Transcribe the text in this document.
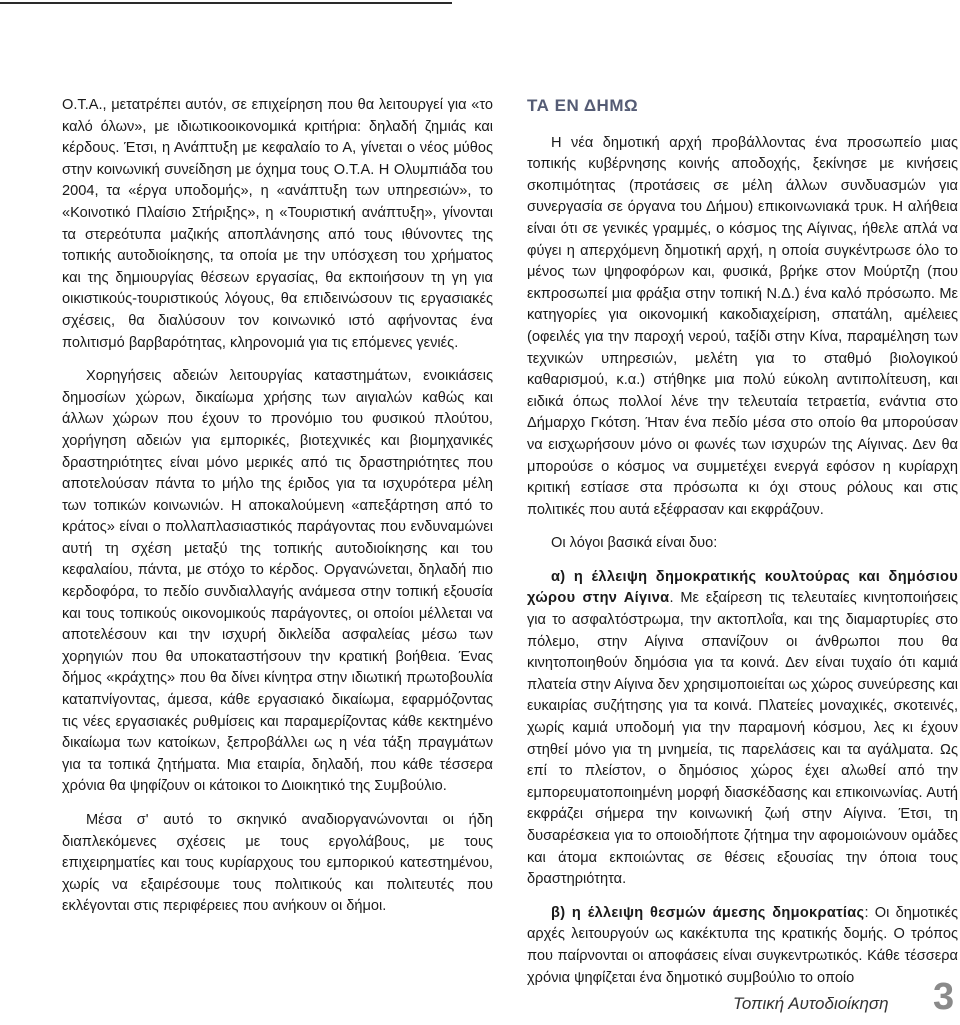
Ο.Τ.Α., μετατρέπει αυτόν, σε επιχείρηση που θα λειτουργεί για «το καλό όλων», με ιδιωτικοοικονομικά κριτήρια: δηλαδή ζημιάς και κέρδους. Έτσι, η Ανάπτυξη με κεφαλαίο το Α, γίνεται ο νέος μύθος στην κοινωνική συνείδηση με όχημα τους Ο.Τ.Α. Η Ολυμπιάδα του 2004, τα «έργα υποδομής», η «ανάπτυξη των υπηρεσιών», το «Κοινοτικό Πλαίσιο Στήριξης», η «Τουριστική ανάπτυξη», γίνονται τα στερεότυπα μαζικής αποπλάνησης από τους ιθύνοντες της τοπικής αυτοδιοίκησης, τα οποία με την υπόσχεση του χρήματος και της δημιουργίας θέσεων εργασίας, θα εκποιήσουν τη γη για οικιστικούς-τουριστικούς λόγους, θα επιδεινώσουν τις εργασιακές σχέσεις, θα διαλύσουν τον κοινωνικό ιστό αφήνοντας ένα πολιτισμό βαρβαρότητας, κληρονομιά για τις επόμενες γενιές.

Χορηγήσεις αδειών λειτουργίας καταστημάτων, ενοικιάσεις δημοσίων χώρων, δικαίωμα χρήσης των αιγιαλών καθώς και άλλων χώρων που έχουν το προνόμιο του φυσικού πλούτου, χορήγηση αδειών για εμπορικές, βιοτεχνικές και βιομηχανικές δραστηριότητες είναι μόνο μερικές από τις δραστηριότητες που αποτελούσαν πάντα το μήλο της έριδος για τα ισχυρότερα μέλη των τοπικών κοινωνιών. Η αποκαλούμενη «απεξάρτηση από το κράτος» είναι ο πολλαπλασιαστικός παράγοντας που ενδυναμώνει αυτή τη σχέση μεταξύ της τοπικής αυτοδιοίκησης και του κεφαλαίου, πάντα, με στόχο το κέρδος. Οργανώνεται, δηλαδή πιο κερδοφόρα, το πεδίο συνδιαλλαγής ανάμεσα στην τοπική εξουσία και τους τοπικούς οικονομικούς παράγοντες, οι οποίοι μέλλεται να αποτελέσουν και την ισχυρή δικλείδα ασφαλείας μέσω των χορηγιών που θα υποκαταστήσουν την κρατική βοήθεια. Ένας δήμος «κράχτης» που θα δίνει κίνητρα στην ιδιωτική πρωτοβουλία καταπνίγοντας, άμεσα, κάθε εργασιακό δικαίωμα, εφαρμόζοντας τις νέες εργασιακές ρυθμίσεις και παραμερίζοντας κάθε κεκτημένο δικαίωμα των κατοίκων, ξεπροβάλλει ως η νέα τάξη πραγμάτων για τα τοπικά ζητήματα. Μια εταιρία, δηλαδή, που κάθε τέσσερα χρόνια θα ψηφίζουν οι κάτοικοι το Διοικητικό της Συμβούλιο.

Μέσα σ' αυτό το σκηνικό αναδιοργανώνονται οι ήδη διαπλεκόμενες σχέσεις με τους εργολάβους, με τους επιχειρηματίες και τους κυρίαρχους του εμπορικού κατεστημένου, χωρίς να εξαιρέσουμε τους πολιτικούς και πολιτευτές που εκλέγονται στις περιφέρειες που ανήκουν οι δήμοι.

ΤΑ ΕΝ ΔΗΜΩ

Η νέα δημοτική αρχή προβάλλοντας ένα προσωπείο μιας τοπικής κυβέρνησης κοινής αποδοχής, ξεκίνησε με κινήσεις σκοπιμότητας (προτάσεις σε μέλη άλλων συνδυασμών για συνεργασία σε όργανα του Δήμου) επικοινωνιακά τρυκ. Η αλήθεια είναι ότι σε γενικές γραμμές, ο κόσμος της Αίγινας, ήθελε απλά να φύγει η απερχόμενη δημοτική αρχή, η οποία συγκέντρωσε όλο το μένος των ψηφοφόρων και, φυσικά, βρήκε στον Μούρτζη (που εκπροσωπεί μια φράξια στην τοπική Ν.Δ.) ένα καλό πρόσωπο. Με κατηγορίες για οικονομική κακοδιαχείριση, σπατάλη, αμέλειες (οφειλές για την παροχή νερού, ταξίδι στην Κίνα, παραμέληση των τεχνικών υπηρεσιών, μελέτη για το σταθμό βιολογικού καθαρισμού, κ.α.) στήθηκε μια πολύ εύκολη αντιπολίτευση, και ειδικά όπως πολλοί λένε την τελευταία τετραετία, ενάντια στο Δήμαρχο Γκότση. Ήταν ένα πεδίο μέσα στο οποίο θα μπορούσαν να εισχωρήσουν μόνο οι φωνές των ισχυρών της Αίγινας. Δεν θα μπορούσε ο κόσμος να συμμετέχει ενεργά εφόσον η κυρίαρχη κριτική εστίασε στα πρόσωπα κι όχι στους ρόλους και στις πολιτικές που αυτά εξέφρασαν και εκφράζουν.

Οι λόγοι βασικά είναι δυο:

α) η έλλειψη δημοκρατικής κουλτούρας και δημόσιου χώρου στην Αίγινα. Με εξαίρεση τις τελευταίες κινητοποιήσεις για το ασφαλτόστρωμα, την ακτοπλοΐα, και της διαμαρτυρίες στο πόλεμο, στην Αίγινα σπανίζουν οι άνθρωποι που θα κινητοποιηθούν δημόσια για τα κοινά. Δεν είναι τυχαίο ότι καμιά πλατεία στην Αίγινα δεν χρησιμοποιείται ως χώρος συνεύρεσης και ευκαιρίας συζήτησης για τα κοινά. Πλατείες μοναχικές, σκοτεινές, χωρίς καμιά υποδομή για την παραμονή κόσμου, λες κι έχουν στηθεί μόνο για τη μνημεία, τις παρελάσεις και τα αγάλματα. Ως επί το πλείστον, ο δημόσιος χώρος έχει αλωθεί από την εμπορευματοποιημένη μορφή διασκέδασης και επικοινωνίας. Αυτή εκφράζει σήμερα την κοινωνική ζωή στην Αίγινα. Έτσι, τη δυσαρέσκεια για το οποιοδήποτε ζήτημα την αφομοιώνουν ομάδες και άτομα εκποιώντας σε θέσεις εξουσίας την όποια τους δραστηριότητα.

β) η έλλειψη θεσμών άμεσης δημοκρατίας: Οι δημοτικές αρχές λειτουργούν ως κακέκτυπα της κρατικής δομής. Ο τρόπος που παίρνονται οι αποφάσεις είναι συγκεντρωτικός. Κάθε τέσσερα χρόνια ψηφίζεται ένα δημοτικό συμβούλιο το οποίο

Τοπική Αυτοδιοίκηση 3
